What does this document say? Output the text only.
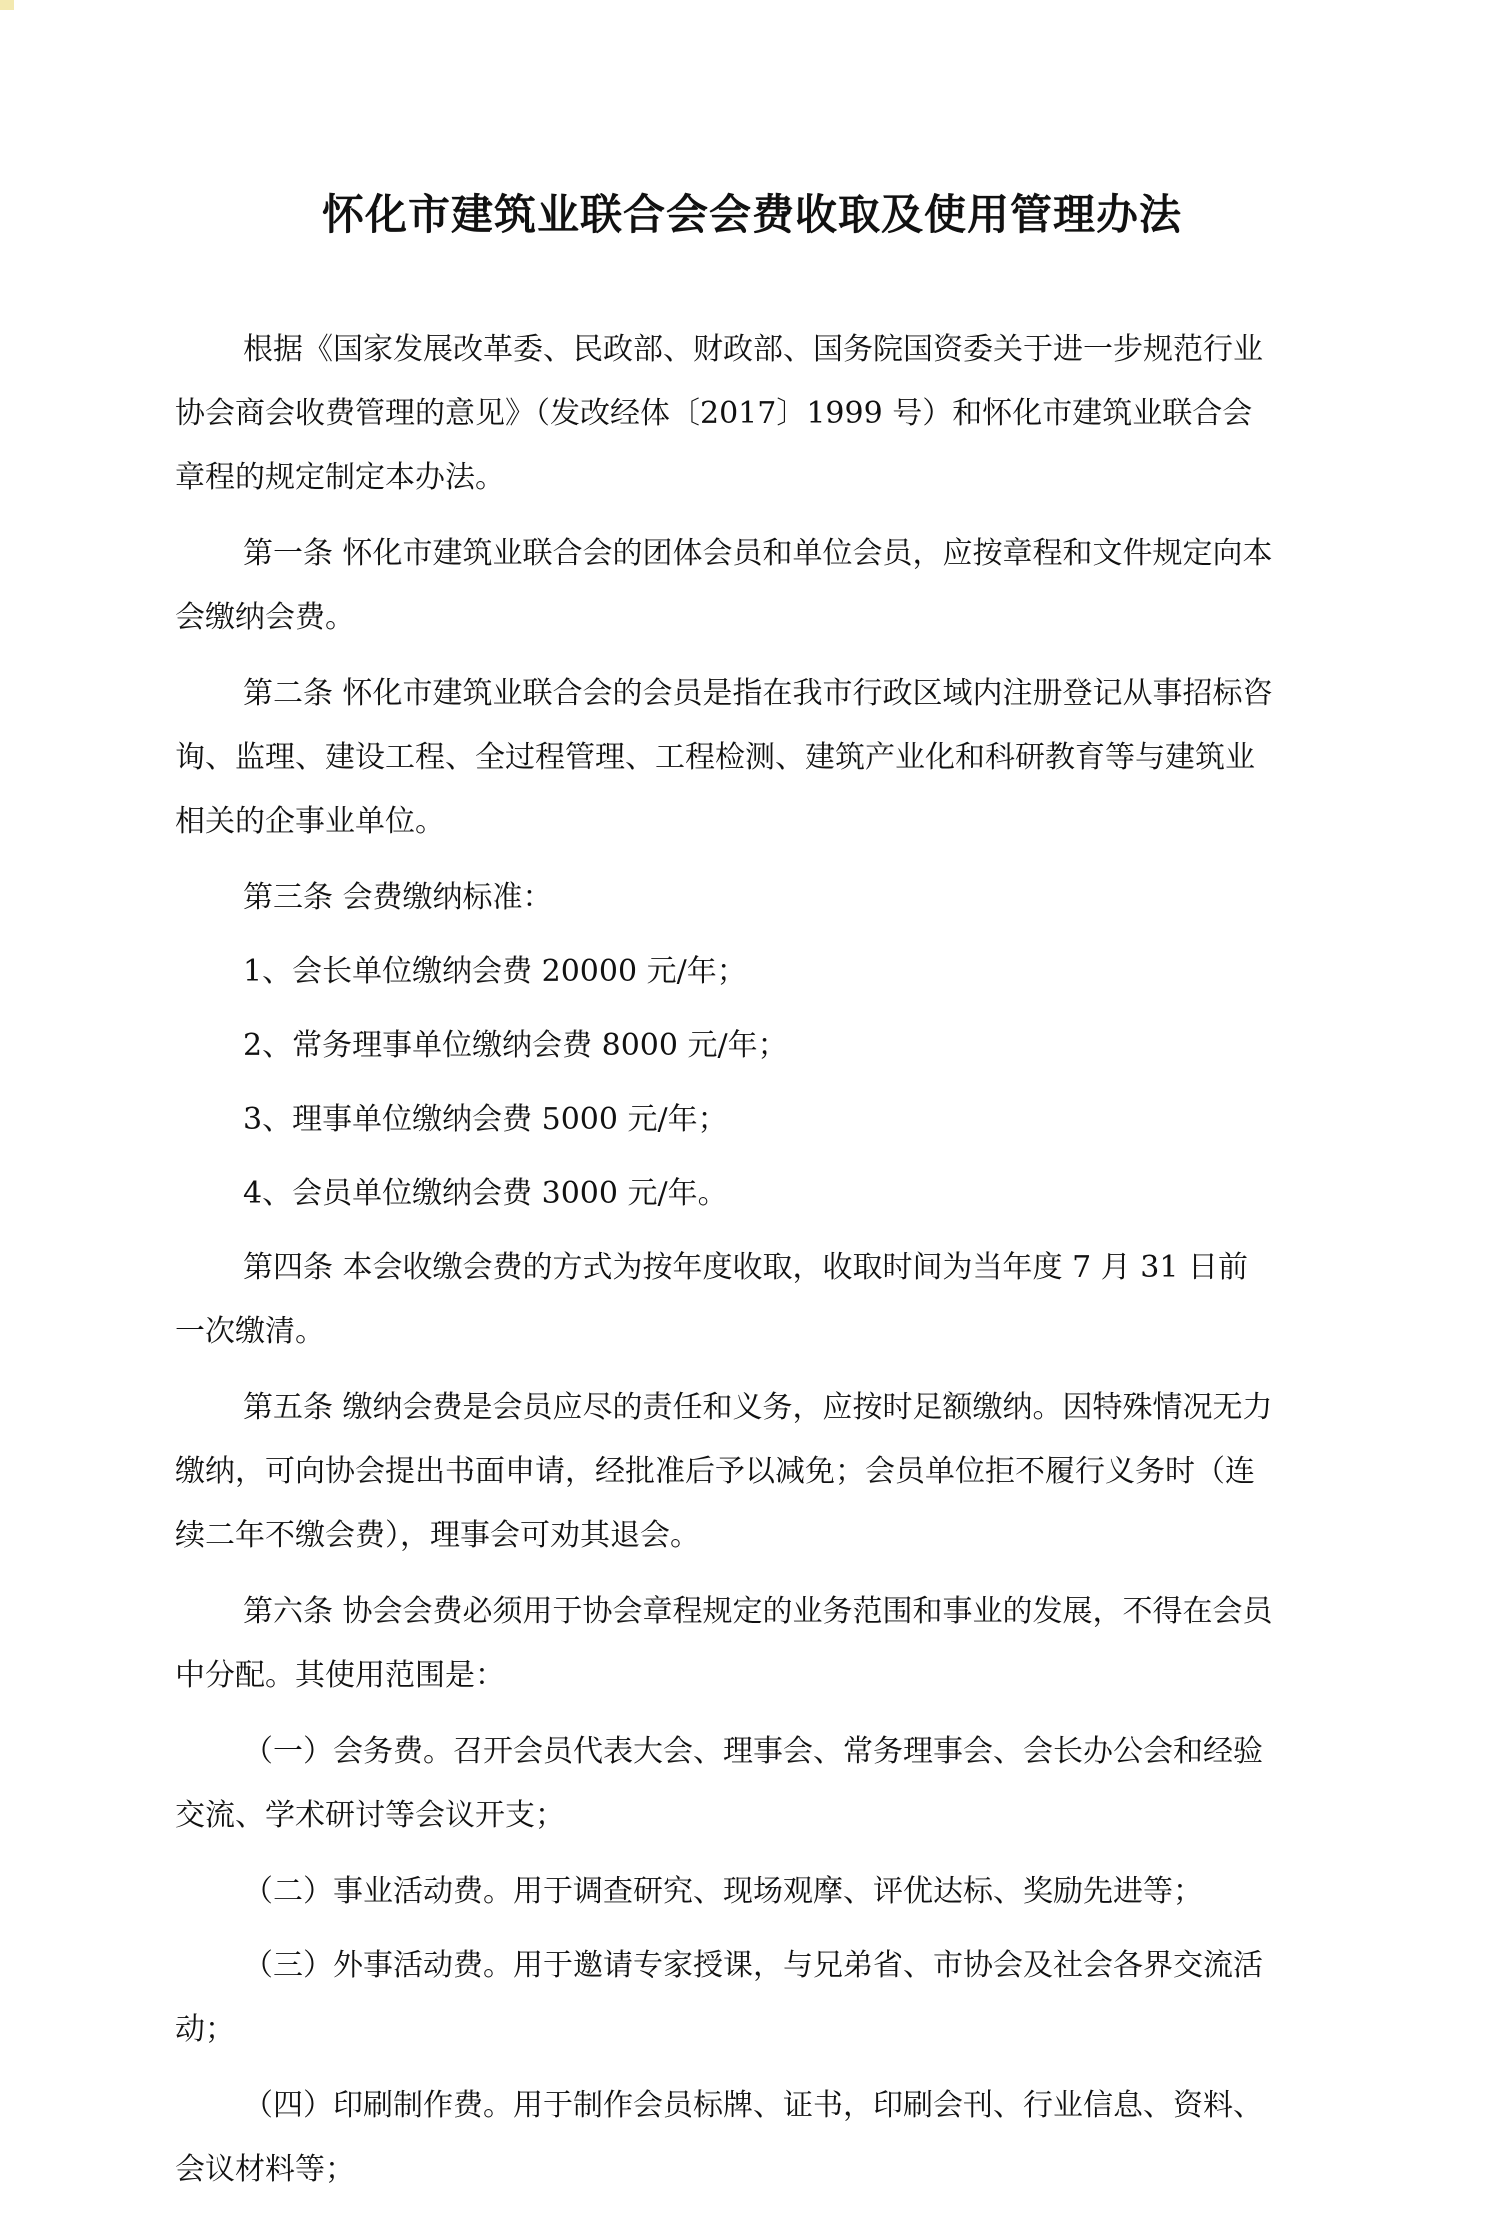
怀化市建筑业联合会会费收取及使用管理办法

根据《国家发展改革委、民政部、财政部、国务院国资委关于进一步规范行业协会商会收费管理的意见》（发改经体〔2017〕1999 号）和怀化市建筑业联合会章程的规定制定本办法。

第一条 怀化市建筑业联合会的团体会员和单位会员，应按章程和文件规定向本会缴纳会费。

第二条 怀化市建筑业联合会的会员是指在我市行政区域内注册登记从事招标咨询、监理、建设工程、全过程管理、工程检测、建筑产业化和科研教育等与建筑业相关的企事业单位。

第三条 会费缴纳标准：

1、会长单位缴纳会费 20000 元/年；

2、常务理事单位缴纳会费 8000 元/年；

3、理事单位缴纳会费 5000 元/年；

4、会员单位缴纳会费 3000 元/年。

第四条 本会收缴会费的方式为按年度收取，收取时间为当年度 7 月 31 日前一次缴清。

第五条 缴纳会费是会员应尽的责任和义务，应按时足额缴纳。因特殊情况无力缴纳，可向协会提出书面申请，经批准后予以减免；会员单位拒不履行义务时（连续二年不缴会费），理事会可劝其退会。

第六条 协会会费必须用于协会章程规定的业务范围和事业的发展，不得在会员中分配。其使用范围是：

（一）会务费。召开会员代表大会、理事会、常务理事会、会长办公会和经验交流、学术研讨等会议开支；

（二）事业活动费。用于调查研究、现场观摩、评优达标、奖励先进等；

（三）外事活动费。用于邀请专家授课，与兄弟省、市协会及社会各界交流活动；

（四）印刷制作费。用于制作会员标牌、证书，印刷会刊、行业信息、资料、会议材料等；
